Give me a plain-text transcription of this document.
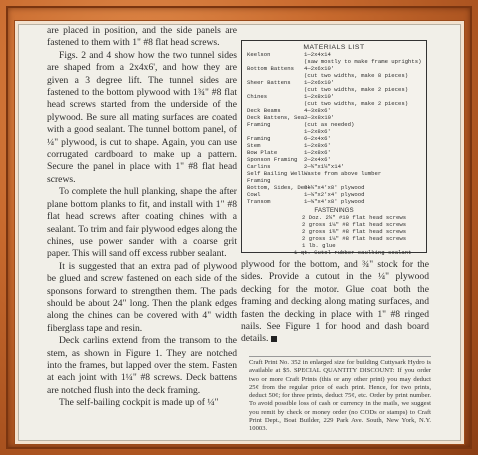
are placed in position, and the side panels are fastened to them with 1" #8 flat head screws.

Figs. 2 and 4 show how the two tunnel sides are shaped from a 2x4x6', and how they are given a 3 degree lift. The tunnel sides are fastened to the bottom plywood with 1¾" #8 flat head screws started from the underside of the plywood. Be sure all mating surfaces are coated with a good sealant. The tunnel bottom panel, of ¼" plywood, is cut to shape. Again, you can use corrugated cardboard to make up a pattern. Secure the panel in place with 1" #8 flat head screws.

To complete the hull planking, shape the after plane bottom planks to fit, and install with 1" #8 flat head screws after coating chines with a sealant. To trim and fair plywood edges along the chines, use power sander with a coarse grit paper. This will sand off excess rubber sealant.

It is suggested that an extra pad of plywood be glued and screw fastened on each side of the sponsons forward to strengthen them. The pads should be about 24" long. Then the plank edges along the chines can be covered with 4" width fiberglass tape and resin.

Deck carlins extend from the transom to the stem, as shown in Figure 1. They are notched into the frames, but lapped over the stem. Fasten at each joint with 1¼" #8 screws. Deck battens are notched flush into the deck framing.

The self-bailing cockpit is made up of ¼"

MATERIALS LIST
Keelson	1—2x4x14
(saw mostly to make frame uprights)
Bottom Battens 4—2x6x10'
(cut two widths, make 8 pieces)
Sheer Battens 1—2x6x10'
(cut two widths, make 2 pieces)
Chines	1—2x8x10'
(cut two widths, make 2 pieces)
Deck Beams	4—3x8x6'
Deck Battens, Sea2—3x8x10'
Framing	(cut as needed)
1—2x8x6'
Framing	6—2x4x6'
Stem	1—2x8x6'
Bow Plate	1—2x8x6'
Sponson Framing 2—2x4x6'
Carlins	2—¾"x1¼"x14'
Self Bailing Well Waste from above lumber
Framing
Bottom, Sides, Deck
8—¼"x4'x8' plywood
Cowl	1—⅜"x2'x4' plywood
Transom	1—⅝"x4'x8' plywood
FASTENINGS
2 Doz. 2¼" #10 flat head screws
2 gross 1⅛" #8 flat head screws
2 gross 1¾" #8 flat head screws
2 gross 1⅛" #8 flat head screws
1 lb. glue
1 qt. Cutol rubber caulking sealant

plywood for the bottom, and ¾" stock for the sides. Provide a cutout in the ¼" plywood decking for the motor. Glue coat both the framing and decking along mating surfaces, and fasten the decking in place with 1" #8 ringed nails. See Figure 1 for hood and dash board details.

Craft Print No. 352 in enlarged size for building Cuttysark Hydro is available at $5. SPECIAL QUANTITY DISCOUNT: If you order two or more Craft Prints (this or any other print) you may deduct 25¢ from the regular price of each print. Hence, for two prints, deduct 50¢; for three prints, deduct 75¢, etc. Order by print number. To avoid possible loss of cash or currency in the mails, we suggest you remit by check or money order (no CODs or stamps) to Craft Print Dept., Boat Builder, 229 Park Ave. South, New York, N.Y. 10003.
